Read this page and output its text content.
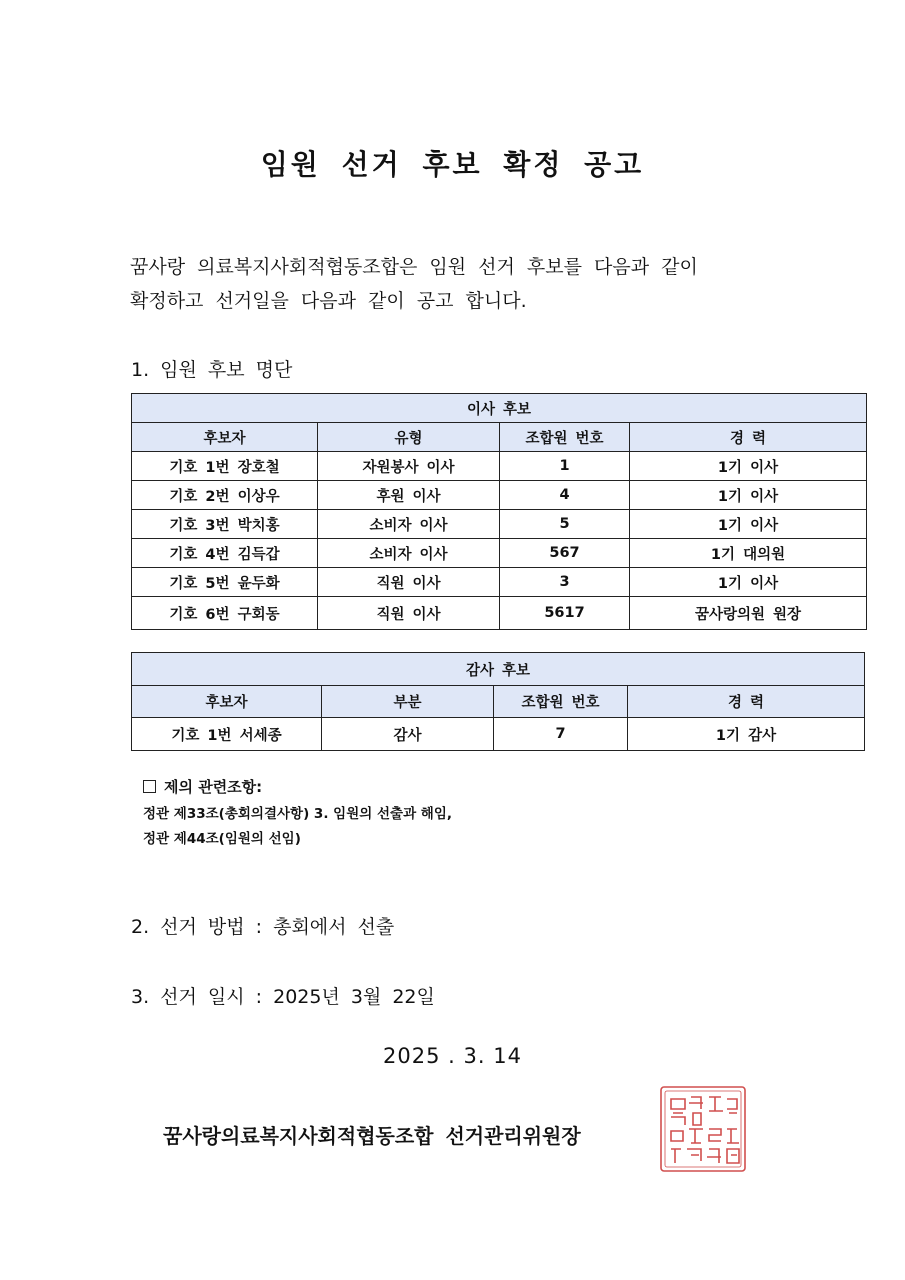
임원 선거 후보 확정 공고
꿈사랑 의료복지사회적협동조합은 임원 선거 후보를 다음과 같이
확정하고 선거일을 다음과 같이 공고 합니다.
1. 임원 후보 명단
이사 후보			
후보자	유형	조합원 번호	경 력
기호 1번 장호철	자원봉사 이사	1	1기 이사
기호 2번 이상우	후원 이사	4	1기 이사
기호 3번 박치홍	소비자 이사	5	1기 이사
기호 4번 김득갑	소비자 이사	567	1기 대의원
기호 5번 윤두화	직원 이사	3	1기 이사
기호 6번 구회동	직원 이사	5617	꿈사랑의원 원장
감사 후보			
후보자	부분	조합원 번호	경 력
기호 1번 서세종	감사	7	1기 감사
제의 관련조항:
정관 제33조(총회의결사항) 3. 임원의 선출과 해임,
정관 제44조(임원의 선임)
2. 선거 방법 : 총회에서 선출
3. 선거 일시 : 2025년 3월 22일
2025 . 3. 14
꿈사랑의료복지사회적협동조합 선거관리위원장
